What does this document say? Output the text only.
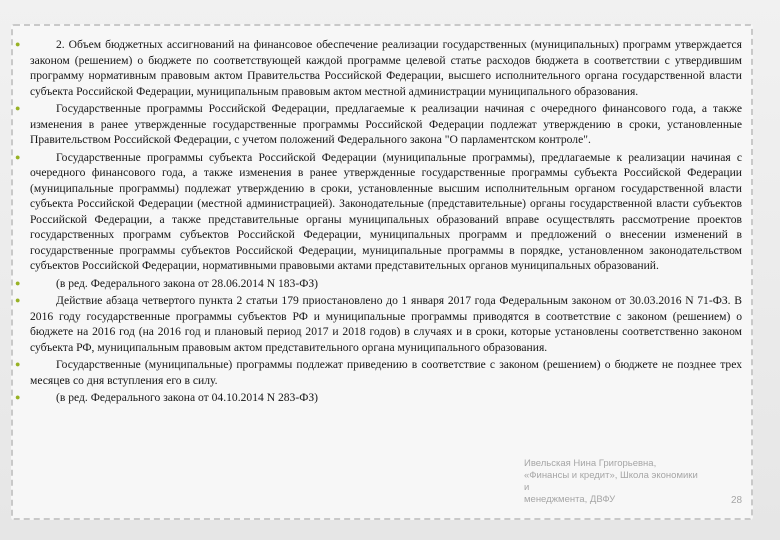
●	2. Объем бюджетных ассигнований на финансовое обеспечение реализации государственных (муниципальных) программ утверждается законом (решением) о бюджете по соответствующей каждой программе целевой статье расходов бюджета в соответствии с утвердившим программу нормативным правовым актом Правительства Российской Федерации, высшего исполнительного органа государственной власти субъекта Российской Федерации, муниципальным правовым актом местной администрации муниципального образования.

●	Государственные программы Российской Федерации, предлагаемые к реализации начиная с очередного финансового года, а также изменения в ранее утвержденные государственные программы Российской Федерации подлежат утверждению в сроки, установленные Правительством Российской Федерации, с учетом положений Федерального закона "О парламентском контроле".

●	Государственные программы субъекта Российской Федерации (муниципальные программы), предлагаемые к реализации начиная с очередного финансового года, а также изменения в ранее утвержденные государственные программы субъекта Российской Федерации (муниципальные программы) подлежат утверждению в сроки, установленные высшим исполнительным органом государственной власти субъекта Российской Федерации (местной администрацией). Законодательные (представительные) органы государственной власти субъектов Российской Федерации, а также представительные органы муниципальных образований вправе осуществлять рассмотрение проектов государственных программ субъектов Российской Федерации, муниципальных программ и предложений о внесении изменений в государственные программы субъектов Российской Федерации, муниципальные программы в порядке, установленном законодательством субъектов Российской Федерации, нормативными правовыми актами представительных органов муниципальных образований.

●	(в ред. Федерального закона от 28.06.2014 N 183-ФЗ)

●	Действие абзаца четвертого пункта 2 статьи 179 приостановлено до 1 января 2017 года Федеральным законом от 30.03.2016 N 71-ФЗ. В 2016 году государственные программы субъектов РФ и муниципальные программы приводятся в соответствие с законом (решением) о бюджете на 2016 год (на 2016 год и плановый период 2017 и 2018 годов) в случаях и в сроки, которые установлены соответственно законом субъекта РФ, муниципальным правовым актом представительного органа муниципального образования.

●	Государственные (муниципальные) программы подлежат приведению в соответствие с законом (решением) о бюджете не позднее трех месяцев со дня вступления его в силу.

●	(в ред. Федерального закона от 04.10.2014 N 283-ФЗ)

Ивельская Нина Григорьевна,
«Финансы и кредит», Школа экономики и
менеджмента, ДВФУ	28
